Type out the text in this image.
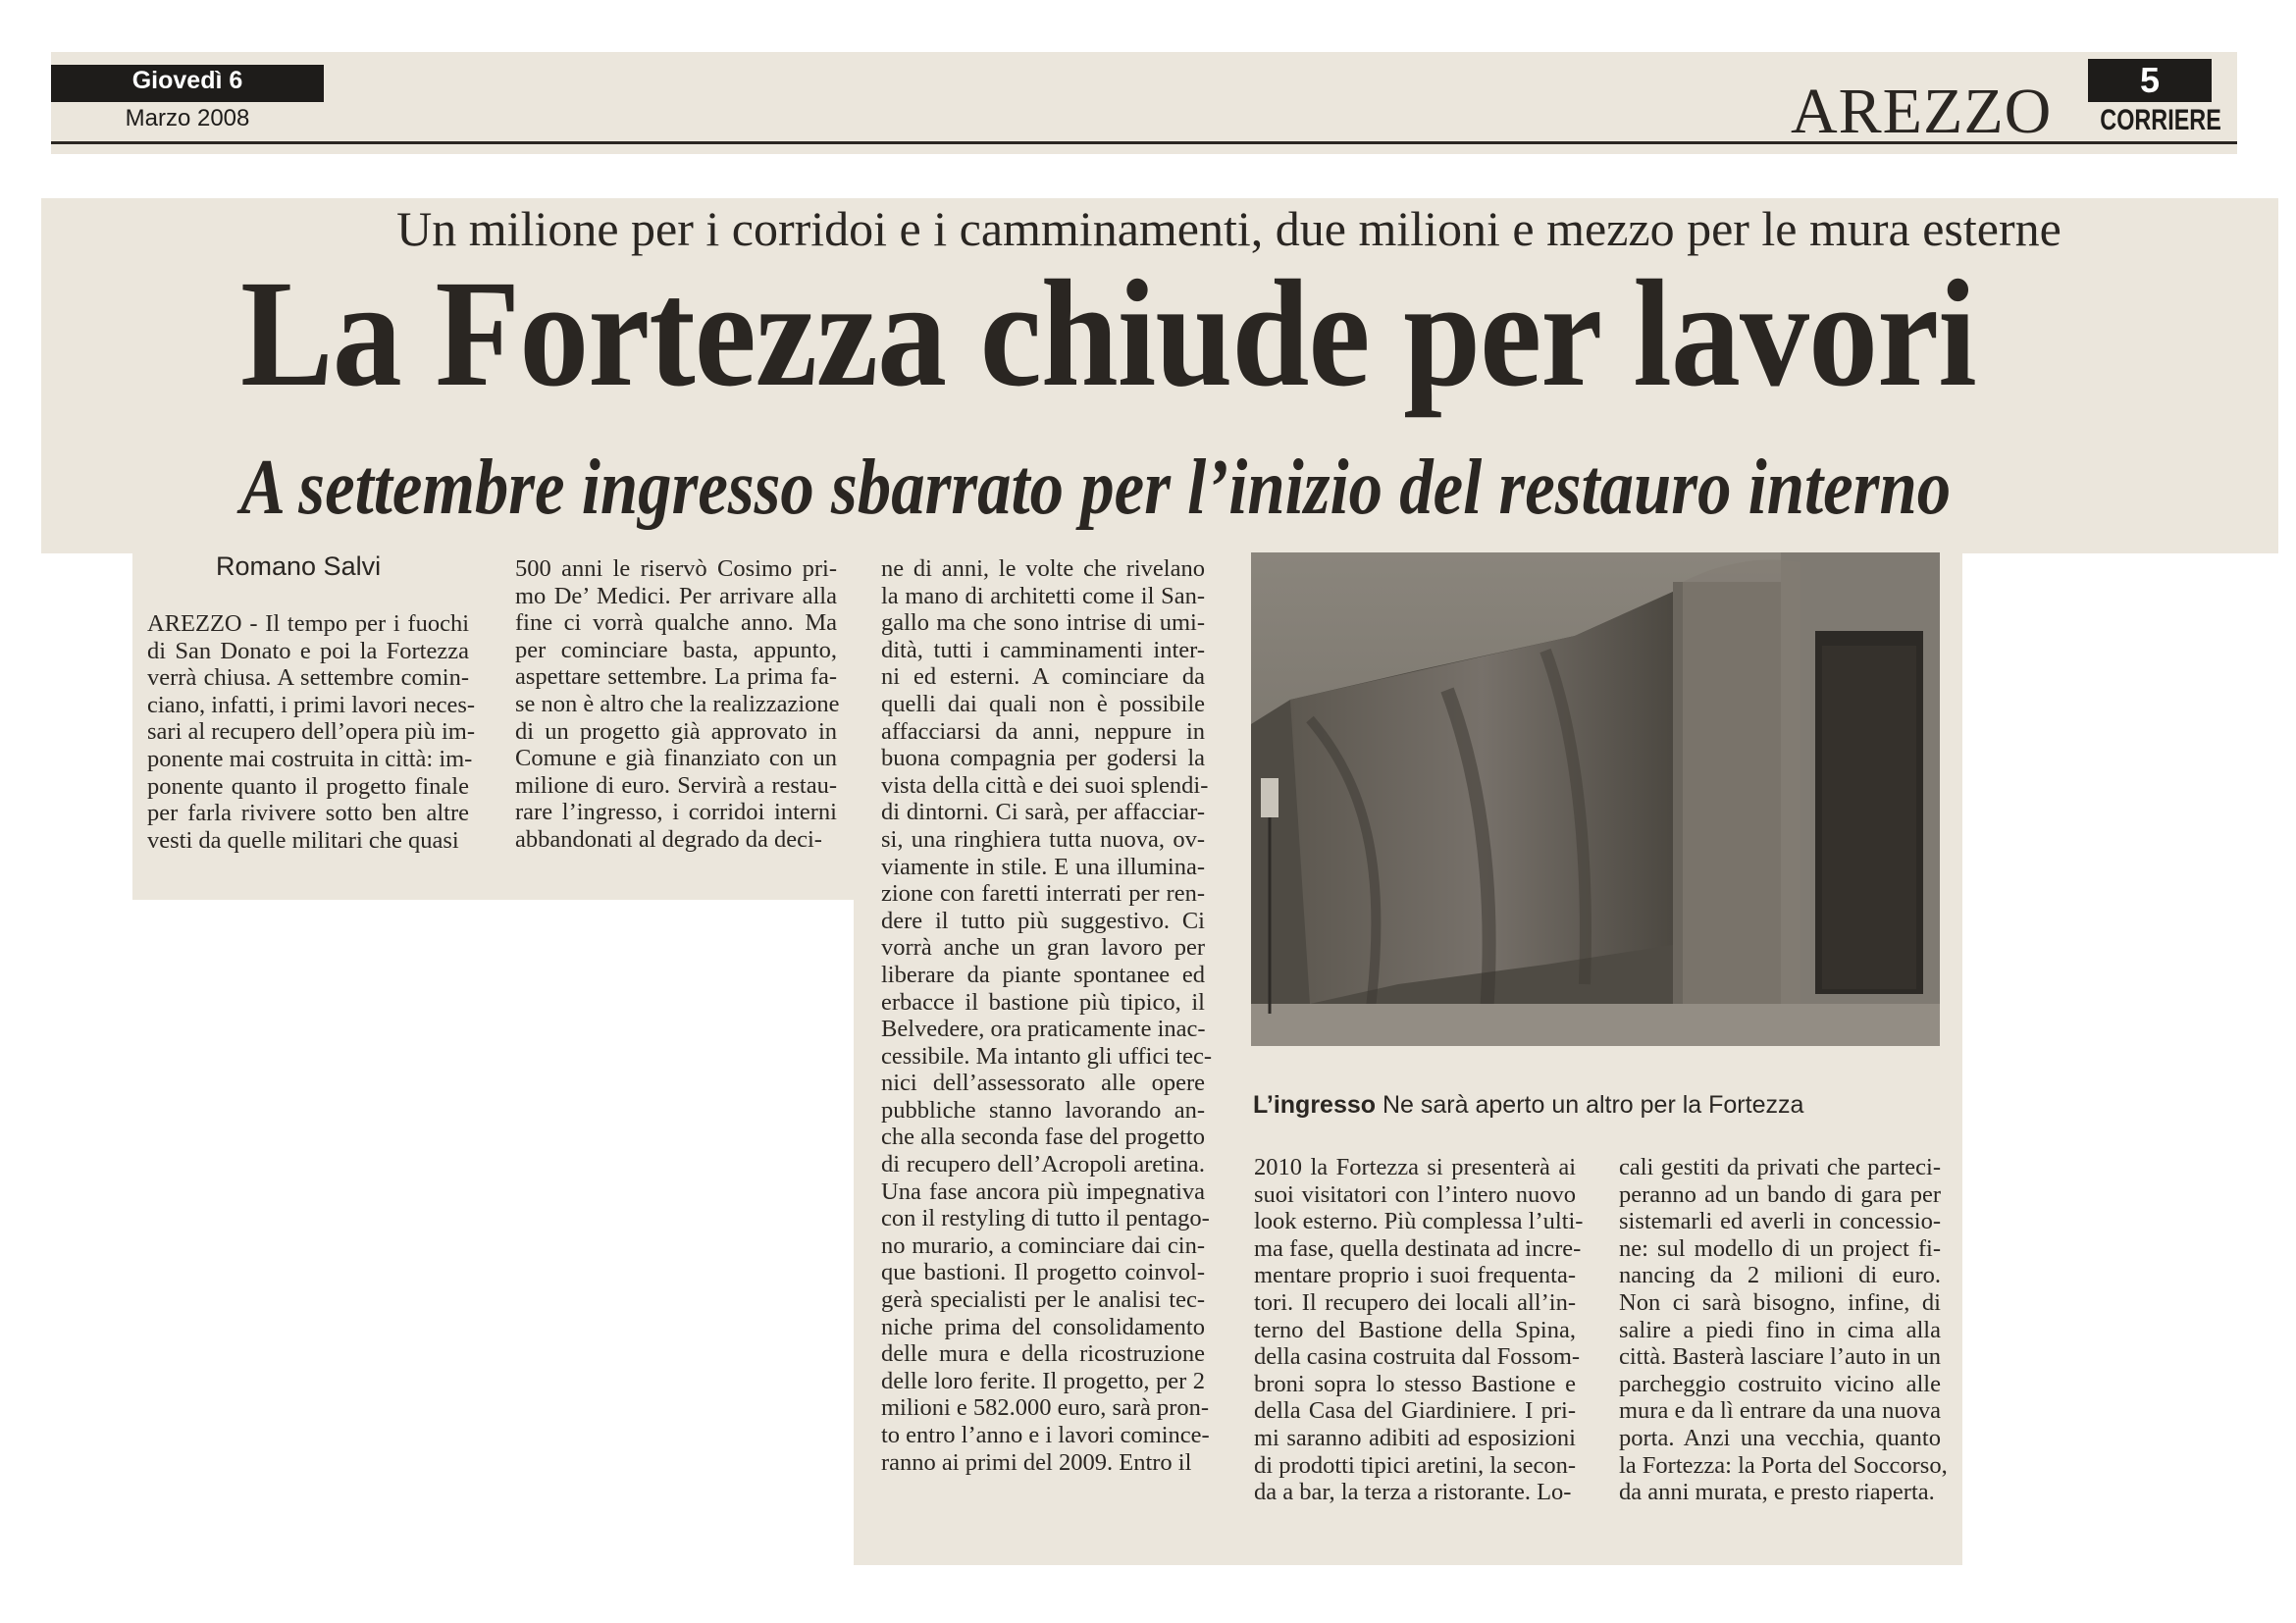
Giovedì 6
Marzo 2008	AREZZO	5
CORRIERE
Un milione per i corridoi e i camminamenti, due milioni e mezzo per le mura esterne
La Fortezza chiude per lavori
A settembre ingresso sbarrato per l’inizio del restauro interno
Romano Salvi
AREZZO - Il tempo per i fuochi
di San Donato e poi la Fortezza
verrà chiusa. A settembre comin-
ciano, infatti, i primi lavori neces-
sari al recupero dell’opera più im-
ponente mai costruita in città: im-
ponente quanto il progetto finale
per farla rivivere sotto ben altre
vesti da quelle militari che quasi
500 anni le riservò Cosimo pri-
mo De’ Medici. Per arrivare alla
fine ci vorrà qualche anno. Ma
per cominciare basta, appunto,
aspettare settembre. La prima fa-
se non è altro che la realizzazione
di un progetto già approvato in
Comune e già finanziato con un
milione di euro. Servirà a restau-
rare l’ingresso, i corridoi interni
abbandonati al degrado da deci-
ne di anni, le volte che rivelano
la mano di architetti come il San-
gallo ma che sono intrise di umi-
dità, tutti i camminamenti inter-
ni ed esterni. A cominciare da
quelli dai quali non è possibile
affacciarsi da anni, neppure in
buona compagnia per godersi la
vista della città e dei suoi splendi-
di dintorni. Ci sarà, per affacciar-
si, una ringhiera tutta nuova, ov-
viamente in stile. E una illumina-
zione con faretti interrati per ren-
dere il tutto più suggestivo. Ci
vorrà anche un gran lavoro per
liberare da piante spontanee ed
erbacce il bastione più tipico, il
Belvedere, ora praticamente inac-
cessibile. Ma intanto gli uffici tec-
nici dell’assessorato alle opere
pubbliche stanno lavorando an-
che alla seconda fase del progetto
di recupero dell’Acropoli aretina.
Una fase ancora più impegnativa
con il restyling di tutto il pentago-
no murario, a cominciare dai cin-
que bastioni. Il progetto coinvol-
gerà specialisti per le analisi tec-
niche prima del consolidamento
delle mura e della ricostruzione
delle loro ferite. Il progetto, per 2
milioni e 582.000 euro, sarà pron-
to entro l’anno e i lavori comince-
ranno ai primi del 2009. Entro il
2010 la Fortezza si presenterà ai
suoi visitatori con l’intero nuovo
look esterno. Più complessa l’ulti-
ma fase, quella destinata ad incre-
mentare proprio i suoi frequenta-
tori. Il recupero dei locali all’in-
terno del Bastione della Spina,
della casina costruita dal Fossom-
broni sopra lo stesso Bastione e
della Casa del Giardiniere. I pri-
mi saranno adibiti ad esposizioni
di prodotti tipici aretini, la secon-
da a bar, la terza a ristorante. Lo-
cali gestiti da privati che parteci-
peranno ad un bando di gara per
sistemarli ed averli in concessio-
ne: sul modello di un project fi-
nancing da 2 milioni di euro.
Non ci sarà bisogno, infine, di
salire a piedi fino in cima alla
città. Basterà lasciare l’auto in un
parcheggio costruito vicino alle
mura e da lì entrare da una nuova
porta. Anzi una vecchia, quanto
la Fortezza: la Porta del Soccorso,
da anni murata, e presto riaperta.
L’ingresso Ne sarà aperto un altro per la Fortezza
